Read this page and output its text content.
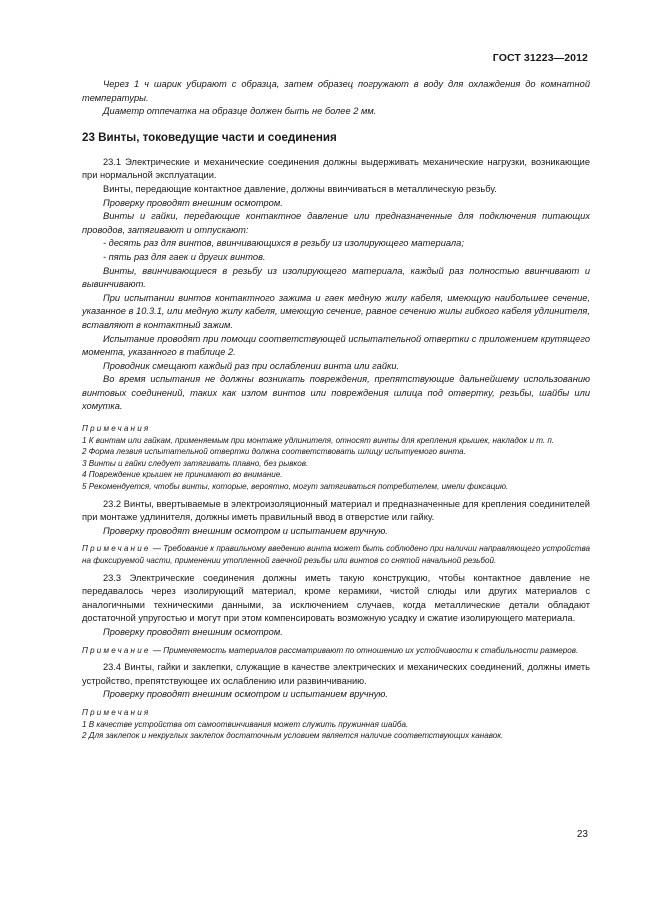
ГОСТ 31223—2012

Через 1 ч шарик убирают с образца, затем образец погружают в воду для охлаждения до комнатной температуры.

Диаметр отпечатка на образце должен быть не более 2 мм.

23 Винты, токоведущие части и соединения

23.1 Электрические и механические соединения должны выдерживать механические нагрузки, возникающие при нормальной эксплуатации.

Винты, передающие контактное давление, должны ввинчиваться в металлическую резьбу.

Проверку проводят внешним осмотром.

Винты и гайки, передающие контактное давление или предназначенные для подключения питающих проводов, затягивают и отпускают:

- десять раз для винтов, ввинчивающихся в резьбу из изолирующего материала;

- пять раз для гаек и других винтов.

Винты, ввинчивающиеся в резьбу из изолирующего материала, каждый раз полностью ввинчивают и вывинчивают.

При испытании винтов контактного зажима и гаек медную жилу кабеля, имеющую наибольшее сечение, указанное в 10.3.1, или медную жилу кабеля, имеющую сечение, равное сечению жилы гибкого кабеля удлинителя, вставляют в контактный зажим.

Испытание проводят при помощи соответствующей испытательной отвертки с приложением крутящего момента, указанного в таблице 2.

Проводник смещают каждый раз при ослаблении винта или гайки.

Во время испытания не должны возникать повреждения, препятствующие дальнейшему использованию винтовых соединений, таких как излом винтов или повреждения шлица под отвертку, резьбы, шайбы или хомутка.

Примечания

1 К винтам или гайкам, применяемым при монтаже удлинителя, относят винты для крепления крышек, накладок и т. п.

2 Форма лезвия испытательной отвертки должна соответствовать шлицу испытуемого винта.

3 Винты и гайки следует затягивать плавно, без рывков.

4 Повреждение крышек не принимают во внимание.

5 Рекомендуется, чтобы винты, которые, вероятно, могут затягиваться потребителем, имели фиксацию.

23.2 Винты, ввертываемые в электроизоляционный материал и предназначенные для крепления соединителей при монтаже удлинителя, должны иметь правильный ввод в отверстие или гайку.

Проверку проводят внешним осмотром и испытанием вручную.

Примечание — Требование к правильному введению винта может быть соблюдено при наличии направляющего устройства на фиксируемой части, применении утопленной гаечной резьбы или винтов со снятой начальной резьбой.

23.3 Электрические соединения должны иметь такую конструкцию, чтобы контактное давление не передавалось через изолирующий материал, кроме керамики, чистой слюды или других материалов с аналогичными техническими данными, за исключением случаев, когда металлические детали обладают достаточной упругостью и могут при этом компенсировать возможную усадку и сжатие изолирующего материала.

Проверку проводят внешним осмотром.

Примечание — Применяемость материалов рассматривают по отношению их устойчивости к стабильности размеров.

23.4 Винты, гайки и заклепки, служащие в качестве электрических и механических соединений, должны иметь устройство, препятствующее их ослаблению или развинчиванию.

Проверку проводят внешним осмотром и испытанием вручную.

Примечания

1 В качестве устройства от самоотвинчивания может служить пружинная шайба.

2 Для заклепок и некруглых заклепок достаточным условием является наличие соответствующих канавок.

23
